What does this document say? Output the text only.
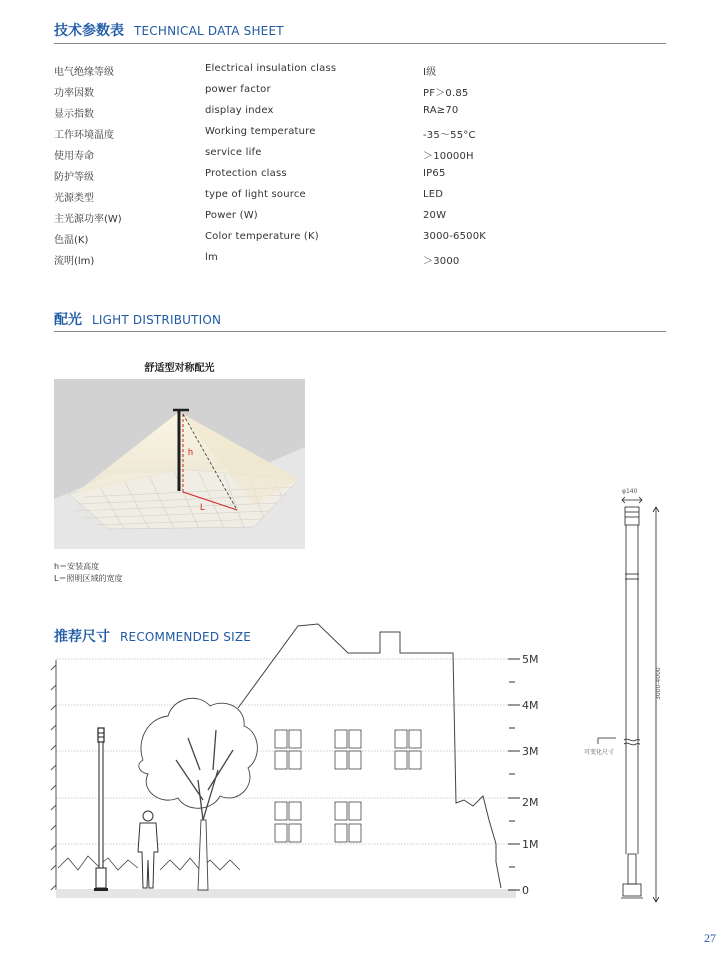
技术参数表 TECHNICAL DATA SHEET
电气绝缘等级	Electrical insulation class	I级
功率因数	power factor	PF＞0.85
显示指数	display index	RA≥70
工作环境温度	Working temperature	-35～55°C
使用寿命	service life	＞10000H
防护等级	Protection class	IP65
光源类型	type of light source	LED
主光源功率(W)	Power (W)	20W
色温(K)	Color temperature (K)	3000-6500K
流明(lm)	lm	＞3000
配光 LIGHT DISTRIBUTION
舒适型对称配光
h
L
h＝安装高度
L＝照明区域的宽度
推荐尺寸 RECOMMENDED SIZE
5M
4M
3M
2M
1M
0
φ140
3000-4000
可变化尺寸
27
